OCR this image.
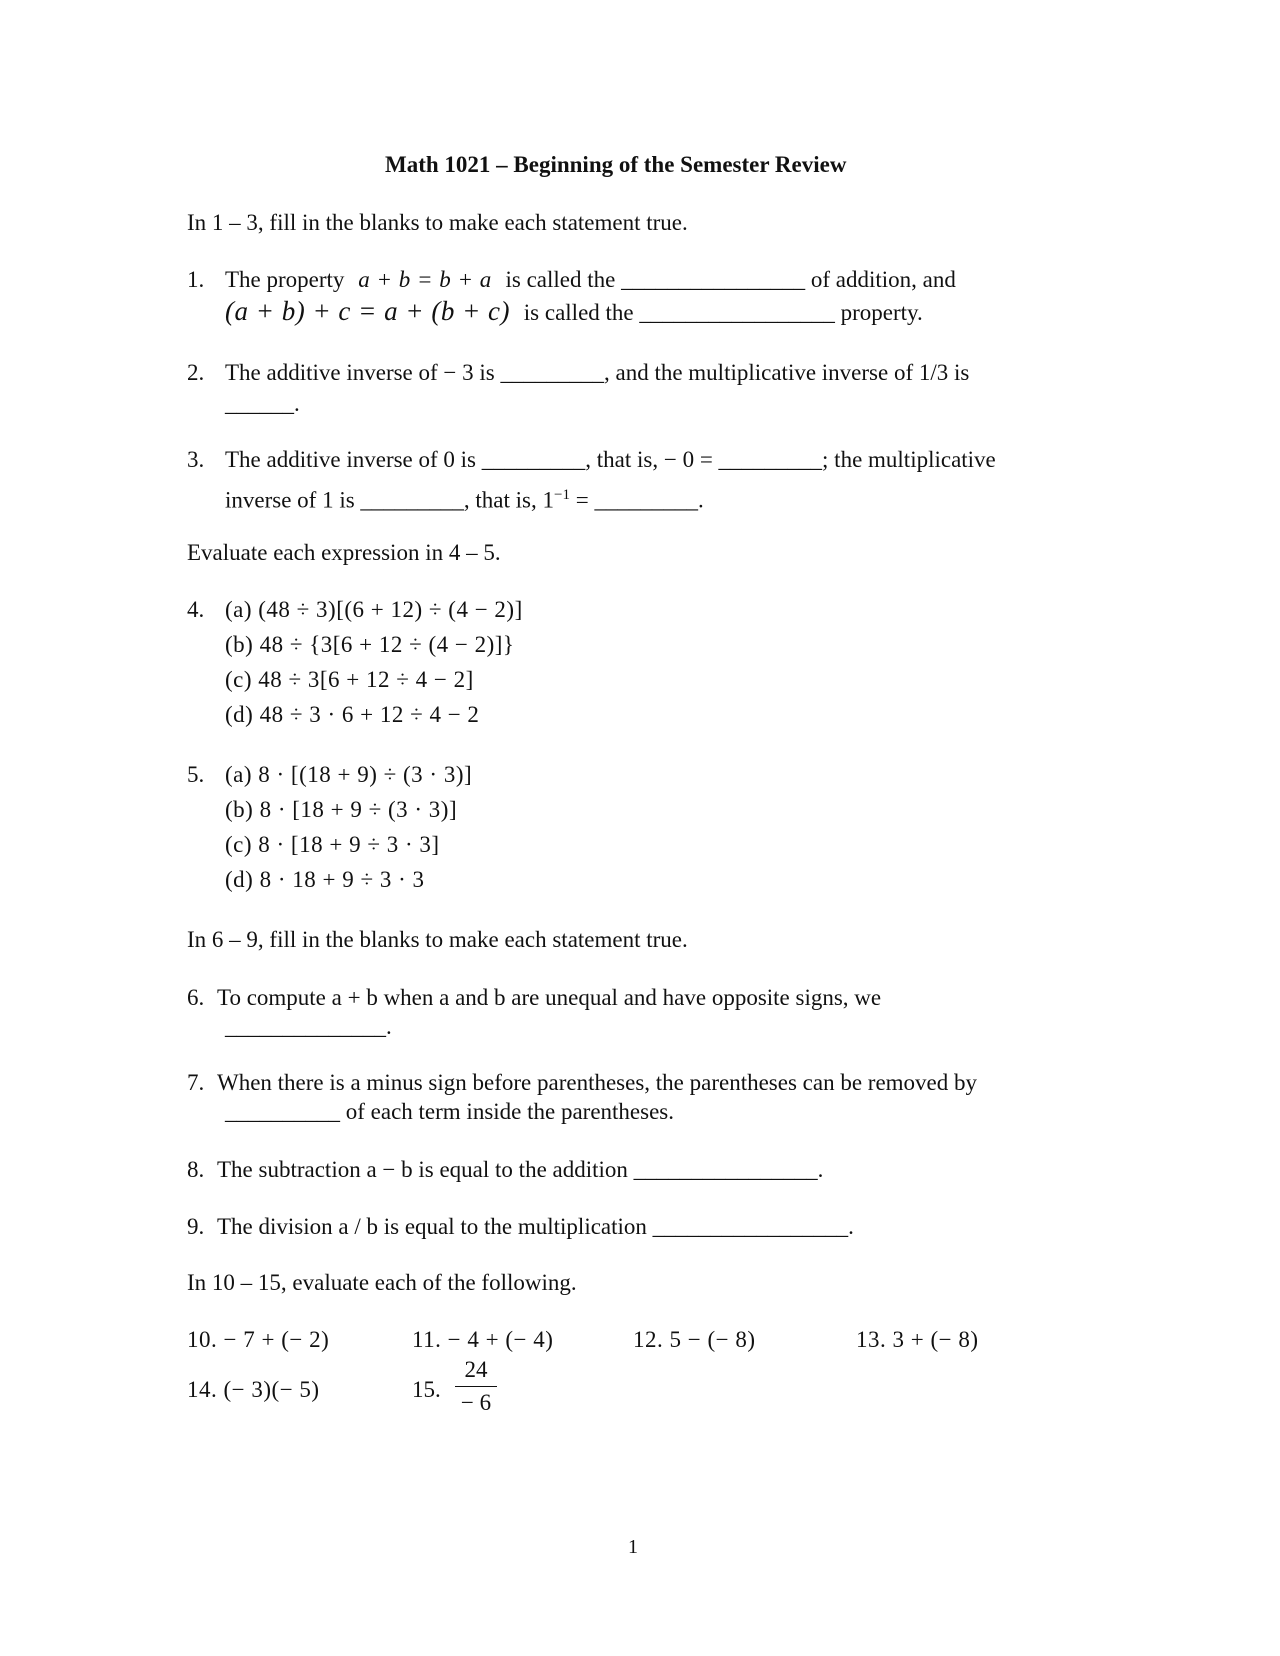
Math 1021 – Beginning of the Semester Review
In 1 – 3, fill in the blanks to make each statement true.
1. The property a + b = b + a is called the ________________ of addition, and
(a + b) + c = a + (b + c) is called the _________________ property.
2. The additive inverse of − 3 is _________, and the multiplicative inverse of 1/3 is
______.
3. The additive inverse of 0 is _________, that is, − 0 = _________; the multiplicative
inverse of 1 is _________, that is, $1^{-1}$ = _________.
Evaluate each expression in 4 – 5.
4. (a) (48 ÷ 3)[(6 + 12) ÷ (4 − 2)]
(b) 48 ÷ {3[6 + 12 ÷ (4 − 2)]}
(c) 48 ÷ 3[6 + 12 ÷ 4 − 2]
(d) 48 ÷ 3 · 6 + 12 ÷ 4 − 2
5. (a) 8 · [(18 + 9) ÷ (3 · 3)]
(b) 8 · [18 + 9 ÷ (3 · 3)]
(c) 8 · [18 + 9 ÷ 3 · 3]
(d) 8 · 18 + 9 ÷ 3 · 3
In 6 – 9, fill in the blanks to make each statement true.
6. To compute a + b when a and b are unequal and have opposite signs, we
______________.
7. When there is a minus sign before parentheses, the parentheses can be removed by
__________ of each term inside the parentheses.
8. The subtraction a − b is equal to the addition ________________.
9. The division a / b is equal to the multiplication _________________.
In 10 – 15, evaluate each of the following.
10. − 7 + (− 2)	11. − 4 + (− 4)	12. 5 − (− 8)	13. 3 + (− 8)
14. (− 3)(− 5)	15.
24
− 6
1
